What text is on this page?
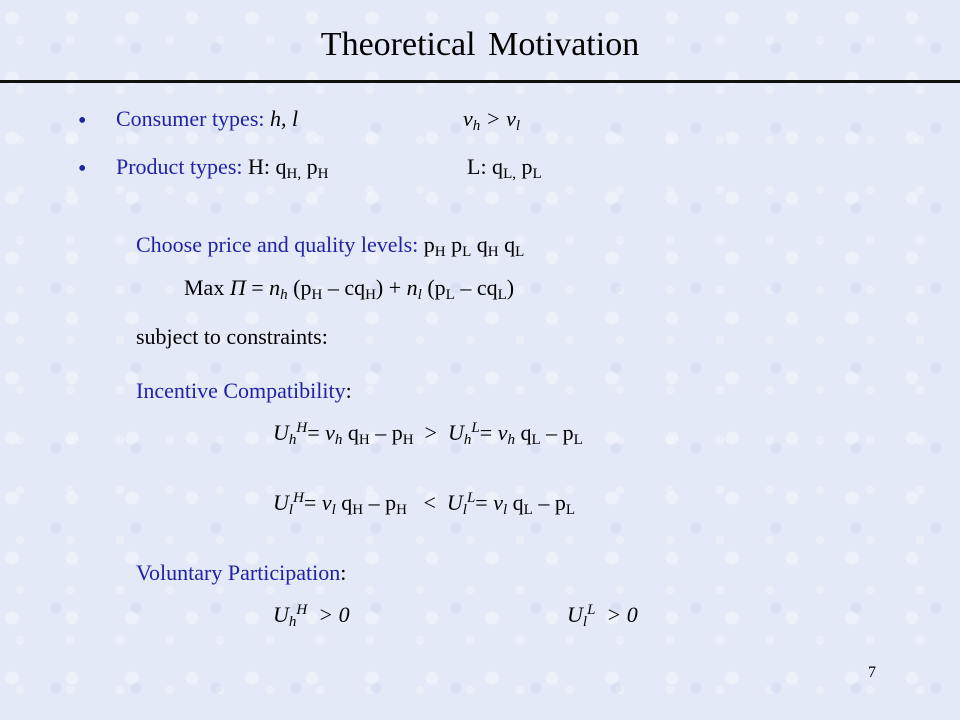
Theoretical Motivation
• Consumer types: h, l	$v_h > v_l$
• Product types: H: $q_{H,}$ $p_H$	L: $q_{L,}$ $p_L$
Choose price and quality levels: $p_H$ $p_L$ $q_H$ $q_L$
Max $\Pi = n_h$ $(p_H - cq_H) + n_l$ $(p_L - cq_L)$
subject to constraints:
Incentive Compatibility:
$U_h^H= v_h$ $q_H - p_H > U_h^L= v_h$ $q_L - p_L$
$U_l^H= v_l$ $q_H - p_H < U_l^L= v_l$ $q_L - p_L$
Voluntary Participation:
$U_h^H > 0$	$U_l^L > 0$
7
